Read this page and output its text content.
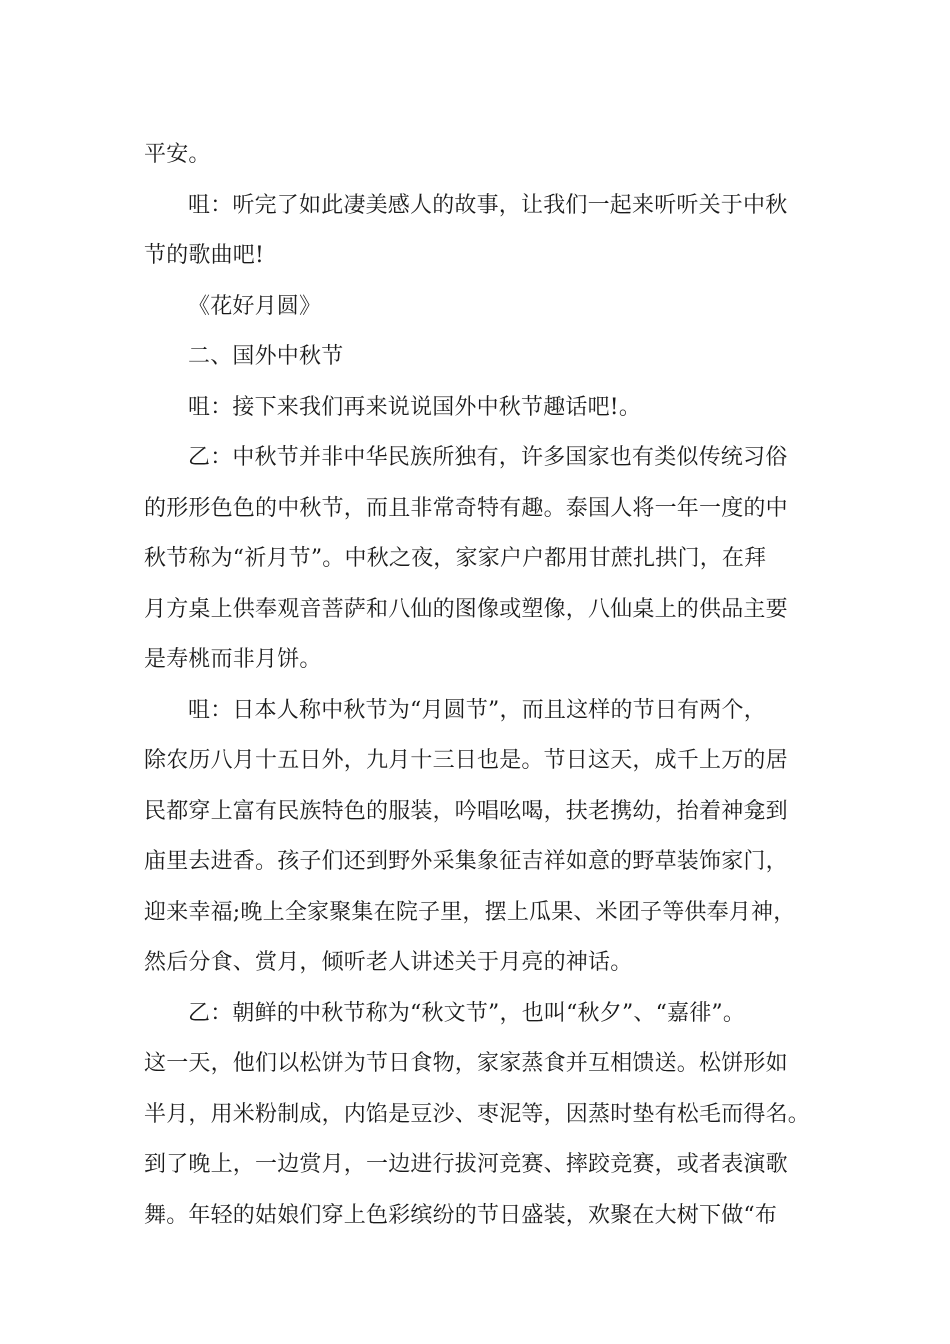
平安。
咀：听完了如此凄美感人的故事，让我们一起来听听关于中秋
节的歌曲吧!
《花好月圆》
二、国外中秋节
咀：接下来我们再来说说国外中秋节趣话吧!。
乙：中秋节并非中华民族所独有，许多国家也有类似传统习俗
的形形色色的中秋节，而且非常奇特有趣。泰国人将一年一度的中
秋节称为“祈月节”。中秋之夜，家家户户都用甘蔗扎拱门，在拜
月方桌上供奉观音菩萨和八仙的图像或塑像，八仙桌上的供品主要
是寿桃而非月饼。
咀：日本人称中秋节为“月圆节”，而且这样的节日有两个，
除农历八月十五日外，九月十三日也是。节日这天，成千上万的居
民都穿上富有民族特色的服装，吟唱吆喝，扶老携幼，抬着神龛到
庙里去进香。孩子们还到野外采集象征吉祥如意的野草装饰家门，
迎来幸福;晚上全家聚集在院子里，摆上瓜果、米团子等供奉月神，
然后分食、赏月，倾听老人讲述关于月亮的神话。
乙：朝鲜的中秋节称为“秋文节”，也叫“秋夕”、“嘉徘”。
这一天，他们以松饼为节日食物，家家蒸食并互相馈送。松饼形如
半月，用米粉制成，内馅是豆沙、枣泥等，因蒸时垫有松毛而得名。
到了晚上，一边赏月，一边进行拔河竞赛、摔跤竞赛，或者表演歌
舞。年轻的姑娘们穿上色彩缤纷的节日盛装，欢聚在大树下做“布
